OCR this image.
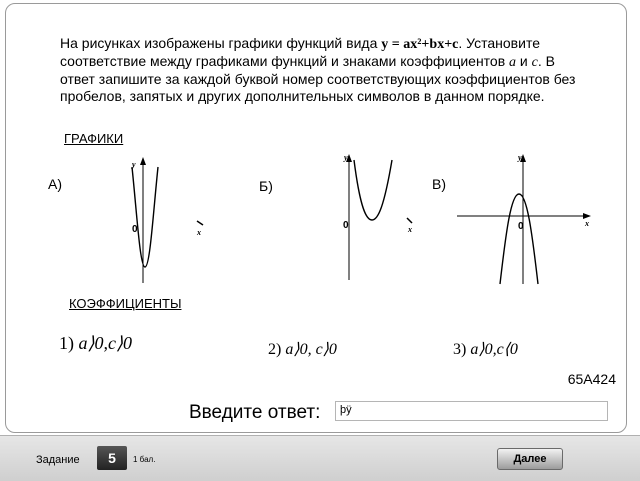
На рисунках изображены графики функций вида y = ax²+bx+c. Установите соответствие между графиками функций и знаками коэффициентов a и c. В ответ запишите за каждой буквой номер соответствующих коэффициентов без пробелов, запятых и других дополнительных символов в данном порядке.
ГРАФИКИ
А)
y
x
0
Б)
y
x
0
В)
y
x
0
КОЭФФИЦИЕНТЫ
1) a⟩0,c⟩0	2) a⟩0, c⟩0	3) a⟩0,c⟨0
65A424
Введите ответ:	þÿ
Задание	5	1 бал.	Далее
